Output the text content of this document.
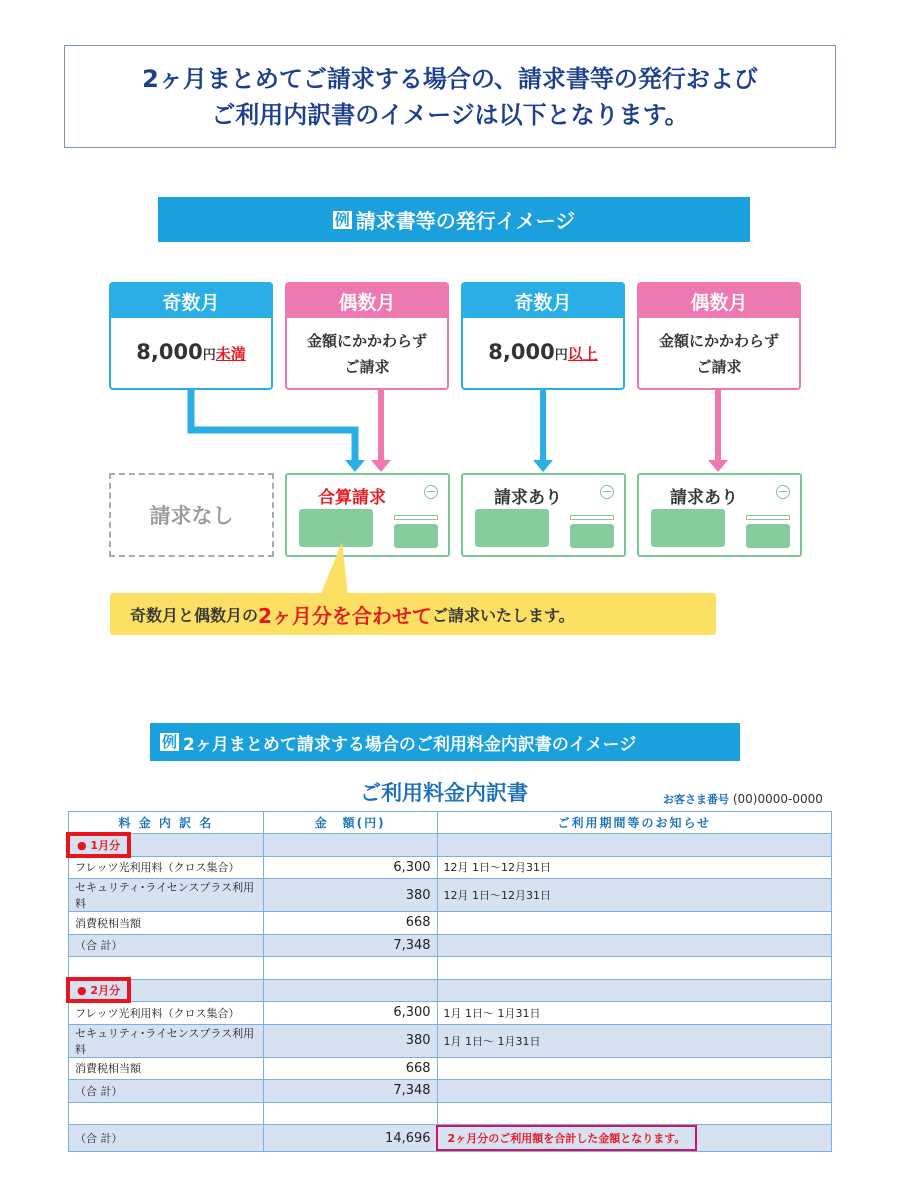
2ヶ月まとめてご請求する場合の、請求書等の発行および
ご利用内訳書のイメージは以下となります。
例 請求書等の発行イメージ
奇数月
8,000円未満
偶数月
金額にかかわらず
ご請求
奇数月
8,000円以上
偶数月
金額にかかわらず
ご請求
請求なし
合算請求	請求あり	請求あり
奇数月と偶数月の 2ヶ月分を合わせて ご請求いたします。
例 2ヶ月まとめて請求する場合のご利用料金内訳書のイメージ
ご利用料金内訳書	お客さま番号 (00)0000-0000
料 金 内 訳 名	金　額(円)	ご利用期間等のお知らせ
● 1月分		
フレッツ光利用料（クロス集合）	6,300	12月 1日～12月31日
セキュリティ･ライセンスプラス利用料	380	12月 1日～12月31日
消費税相当額	668	
（合 計）	7,348	

● 2月分		
フレッツ光利用料（クロス集合）	6,300	1月 1日～ 1月31日
セキュリティ･ライセンスプラス利用料	380	1月 1日～ 1月31日
消費税相当額	668	
（合 計）	7,348	

（合 計）	14,696	2ヶ月分のご利用額を合計した金額となります。
